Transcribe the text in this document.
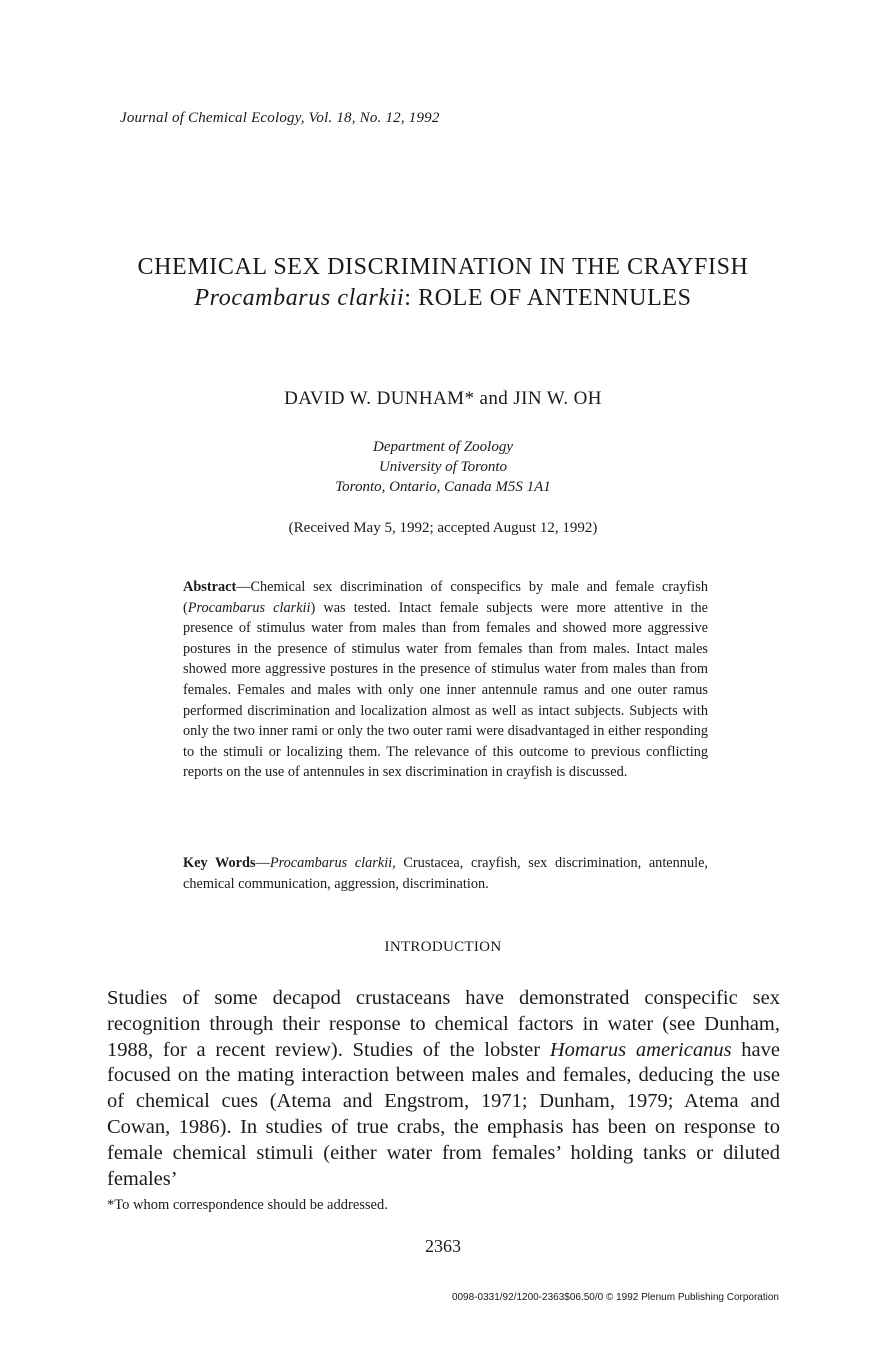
Journal of Chemical Ecology, Vol. 18, No. 12, 1992
CHEMICAL SEX DISCRIMINATION IN THE CRAYFISH
Procambarus clarkii: ROLE OF ANTENNULES
DAVID W. DUNHAM* and JIN W. OH
Department of Zoology
University of Toronto
Toronto, Ontario, Canada M5S 1A1
(Received May 5, 1992; accepted August 12, 1992)
Abstract—Chemical sex discrimination of conspecifics by male and female crayfish (Procambarus clarkii) was tested. Intact female subjects were more attentive in the presence of stimulus water from males than from females and showed more aggressive postures in the presence of stimulus water from females than from males. Intact males showed more aggressive postures in the presence of stimulus water from males than from females. Females and males with only one inner antennule ramus and one outer ramus performed discrimination and localization almost as well as intact subjects. Subjects with only the two inner rami or only the two outer rami were disadvantaged in either responding to the stimuli or localizing them. The relevance of this outcome to previous conflicting reports on the use of antennules in sex discrimination in crayfish is discussed.
Key Words—Procambarus clarkii, Crustacea, crayfish, sex discrimination, antennule, chemical communication, aggression, discrimination.
INTRODUCTION
Studies of some decapod crustaceans have demonstrated conspecific sex recognition through their response to chemical factors in water (see Dunham, 1988, for a recent review). Studies of the lobster Homarus americanus have focused on the mating interaction between males and females, deducing the use of chemical cues (Atema and Engstrom, 1971; Dunham, 1979; Atema and Cowan, 1986). In studies of true crabs, the emphasis has been on response to female chemical stimuli (either water from females’ holding tanks or diluted females’
*To whom correspondence should be addressed.
2363
0098-0331/92/1200-2363$06.50/0 © 1992 Plenum Publishing Corporation
